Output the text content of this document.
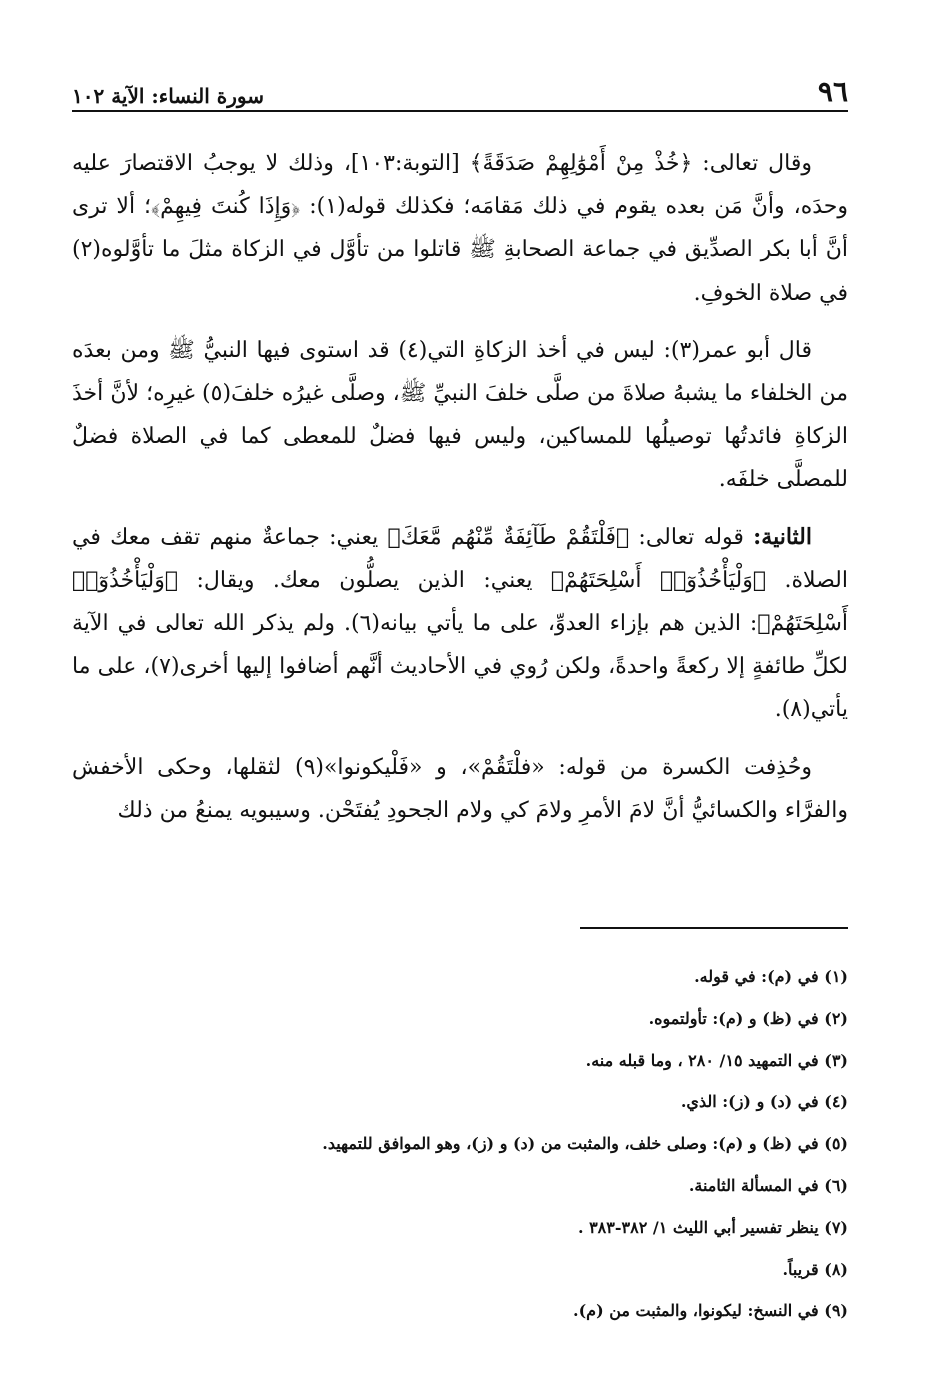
٩٦
سورة النساء: الآية ١٠٢

وقال تعالى: ﴿خُذْ مِنْ أَمْوَٰلِهِمْ صَدَقَةً﴾ [التوبة:١٠٣]، وذلك لا يوجبُ الاقتصارَ عليه وحدَه، وأنَّ مَن بعده يقوم في ذلك مَقامَه؛ فكذلك قوله(١): ﴿وَإِذَا كُنتَ فِيهِمْ﴾؛ ألا ترى أنَّ أبا بكر الصدِّيق في جماعة الصحابةِ ﷺ قاتلوا من تأوَّل في الزكاة مثلَ ما تأوَّلوه(٢) في صلاة الخوفِ.

قال أبو عمر(٣): ليس في أخذ الزكاةِ التي(٤) قد استوى فيها النبيُّ ﷺ ومن بعدَه من الخلفاء ما يشبهُ صلاةَ من صلَّى خلفَ النبيِّ ﷺ، وصلَّى غيرُه خلفَ(٥) غيرِه؛ لأنَّ أخذَ الزكاةِ فائدتُها توصيلُها للمساكين، وليس فيها فضلٌ للمعطى كما في الصلاة فضلٌ للمصلَّى خلفَه.

الثانية: قوله تعالى: ﴿فَلْتَقُمْ طَآئِفَةٌ مِّنْهُم مَّعَكَ﴾ يعني: جماعةٌ منهم تقف معك في الصلاة. ﴿وَلْيَأْخُذُوٓا۟ أَسْلِحَتَهُمْ﴾ يعني: الذين يصلُّون معك. ويقال: ﴿وَلْيَأْخُذُوٓا۟ أَسْلِحَتَهُمْ﴾: الذين هم بإزاء العدوِّ، على ما يأتي بيانه(٦). ولم يذكر الله تعالى في الآية لكلِّ طائفةٍ إلا ركعةً واحدةً، ولكن رُوي في الأحاديث أنَّهم أضافوا إليها أخرى(٧)، على ما يأتي(٨).

وحُذِفت الكسرة من قوله: «فلْتَقُمْ»، و «فَلْيكونوا»(٩) لثقلها، وحكى الأخفش والفرَّاء والكسائيُّ أنَّ لامَ الأمرِ ولامَ كي ولام الجحودِ يُفتَحْن. وسيبويه يمنعُ من ذلك

(١) في (م): في قوله.
(٢) في (ظ) و (م): تأولتموه.
(٣) في التمهيد ١٥/ ٢٨٠ ، وما قبله منه.
(٤) في (د) و (ز): الذي.
(٥) في (ظ) و (م): وصلى خلف، والمثبت من (د) و (ز)، وهو الموافق للتمهيد.
(٦) في المسألة الثامنة.
(٧) ينظر تفسير أبي الليث ١/ ٣٨٢-٣٨٣ .
(٨) قريباً.
(٩) في النسخ: ليكونوا، والمثبت من (م).
